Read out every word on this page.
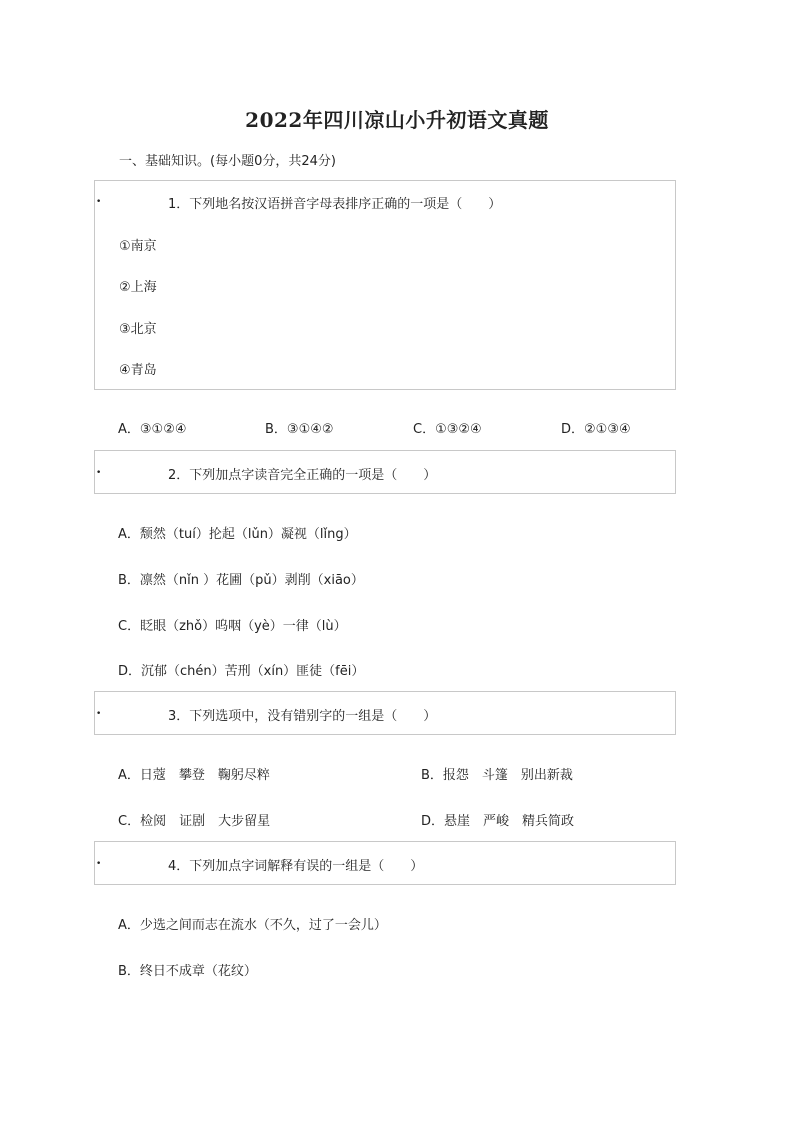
2022年四川凉山小升初语文真题

一、基础知识。(每小题0分，共24分)

•	1．下列地名按汉语拼音字母表排序正确的一项是（　　）
①南京
②上海
③北京
④青岛
A．③①②④	B．③①④②	C．①③②④	D．②①③④
•	2．下列加点字读音完全正确的一项是（　　）
A．颓然（tuí）抡起（lǔn）凝视（lǐng）
B．凛然（nǐn ）花圃（pǔ）剥削（xiāo）
C．眨眼（zhǒ）呜咽（yè）一律（lù）
D．沉郁（chén）苦刑（xín）匪徒（fēi）
•	3．下列选项中，没有错别字的一组是（　　）
A．日蔻　攀登　鞠躬尽粹	B．报怨　斗篷　别出新裁
C．检阅　证剧　大步留星	D．悬崖　严峻　精兵简政
•	4．下列加点字词解释有误的一组是（　　）
A．少选之间而志在流水（不久，过了一会儿）
B．终日不成章（花纹）
